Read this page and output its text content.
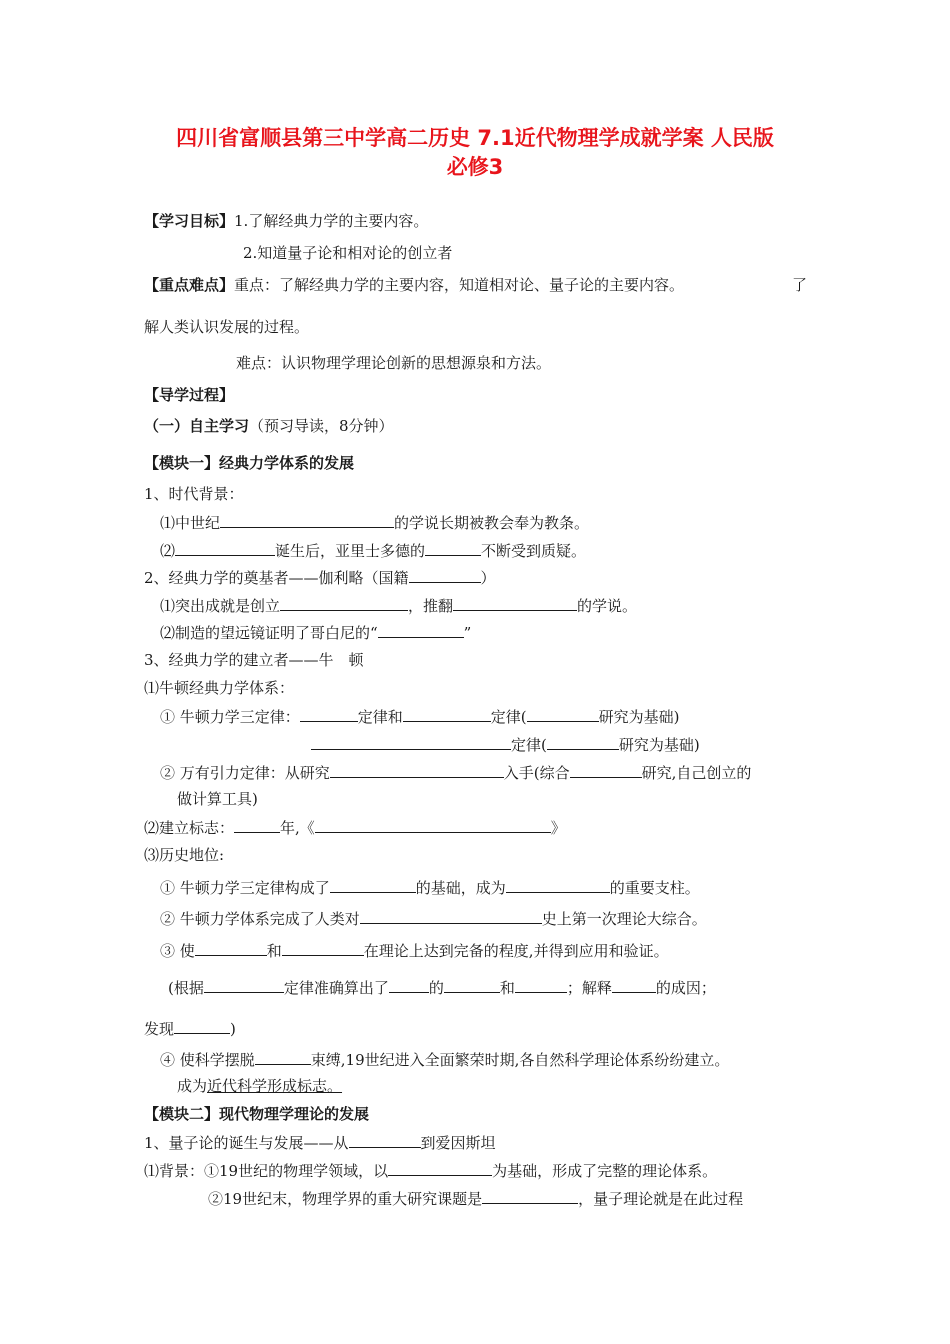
四川省富顺县第三中学高二历史 7.1近代物理学成就学案 人民版
必修3
【学习目标】1.了解经典力学的主要内容。
2.知道量子论和相对论的创立者
【重点难点】重点：了解经典力学的主要内容，知道相对论、量子论的主要内容。	了
解人类认识发展的过程。
难点：认识物理学理论创新的思想源泉和方法。
【导学过程】
（一）自主学习（预习导读，8分钟）
【模块一】经典力学体系的发展
1、时代背景：
⑴中世纪	的学说长期被教会奉为教条。
⑵	诞生后，亚里士多德的	不断受到质疑。
2、经典力学的奠基者——伽利略（国籍	）
⑴突出成就是创立	，推翻	的学说。
⑵制造的望远镜证明了哥白尼的“	”
3、经典力学的建立者——牛　顿
⑴牛顿经典力学体系：
① 牛顿力学三定律：	定律和	定律(	研究为基础)
定律(	研究为基础)
② 万有引力定律：从研究	入手(综合	研究,自己创立的
做计算工具)
⑵建立标志：	年,《	》
⑶历史地位:
① 牛顿力学三定律构成了	的基础，成为	的重要支柱。
② 牛顿力学体系完成了人类对	史上第一次理论大综合。
③ 使	和	在理论上达到完备的程度,并得到应用和验证。
(根据	定律准确算出了	的	和	；解释	的成因；
发现	)
④ 使科学摆脱	束缚,19世纪进入全面繁荣时期,各自然科学理论体系纷纷建立。
成为近代科学形成标志。
【模块二】现代物理学理论的发展
1、量子论的诞生与发展——从	到爱因斯坦
⑴背景：①19世纪的物理学领域，以	为基础，形成了完整的理论体系。
②19世纪末，物理学界的重大研究课题是	，量子理论就是在此过程
